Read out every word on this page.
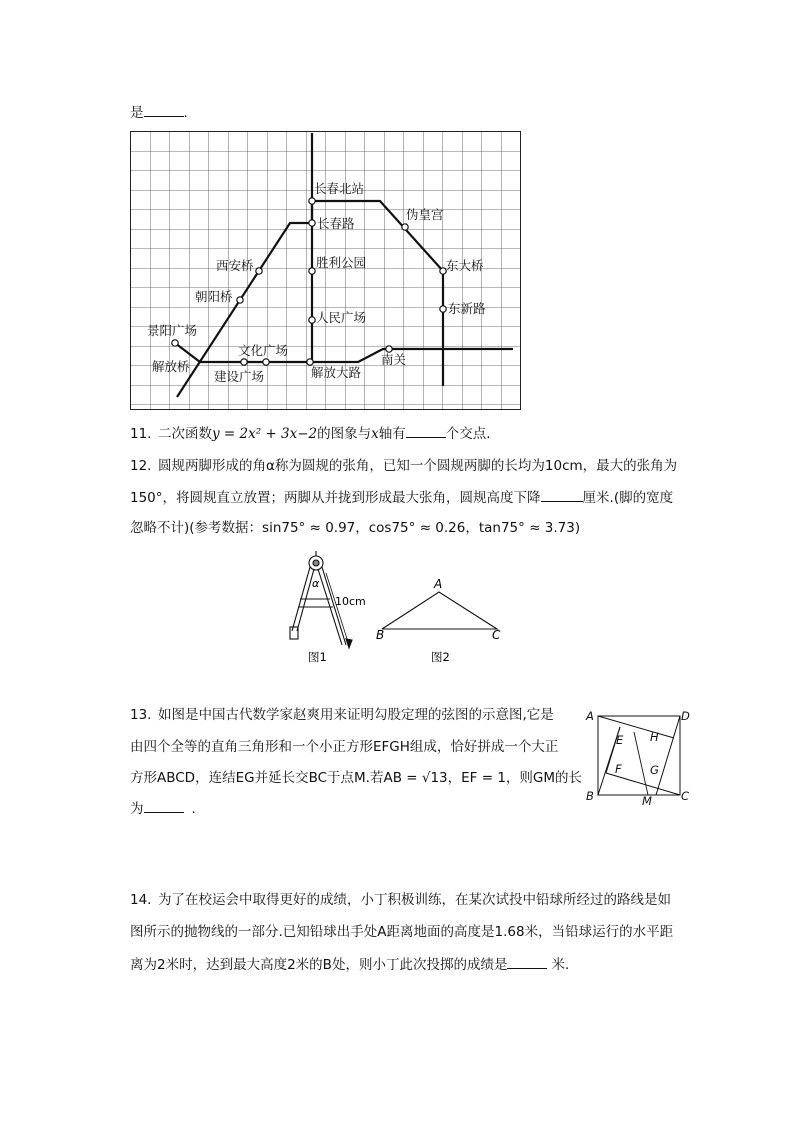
是	.
长春北站
长春路
伪皇宫
西安桥	胜利公园	东大桥
朝阳桥
东新路
景阳广场
人民广场
文化广场
解放桥	南关
建设广场	解放大路
11. 二次函数y = 2x² + 3x−2的图象与x轴有	个交点.
12. 圆规两脚形成的角α称为圆规的张角，已知一个圆规两脚的长均为10cm，最大的张角为
150°，将圆规直立放置；两脚从并拢到形成最大张角，圆规高度下降	厘米.(脚的宽度
忽略不计)(参考数据：sin75° ≈ 0.97，cos75° ≈ 0.26，tan75° ≈ 3.73)
α
10cm
图1
A
B	C
图2
13. 如图是中国古代数学家赵爽用来证明勾股定理的弦图的示意图,它是
由四个全等的直角三角形和一个小正方形EFGH组成，恰好拼成一个大正
方形ABCD，连结EG并延长交BC于点M.若AB = √13，EF = 1，则GM的长
为	.
A	D
E H
F G
B	M	C
14. 为了在校运会中取得更好的成绩，小丁积极训练，在某次试投中铅球所经过的路线是如
图所示的抛物线的一部分.已知铅球出手处A距离地面的高度是1.68米，当铅球运行的水平距
离为2米时，达到最大高度2米的B处，则小丁此次投掷的成绩是	米.
